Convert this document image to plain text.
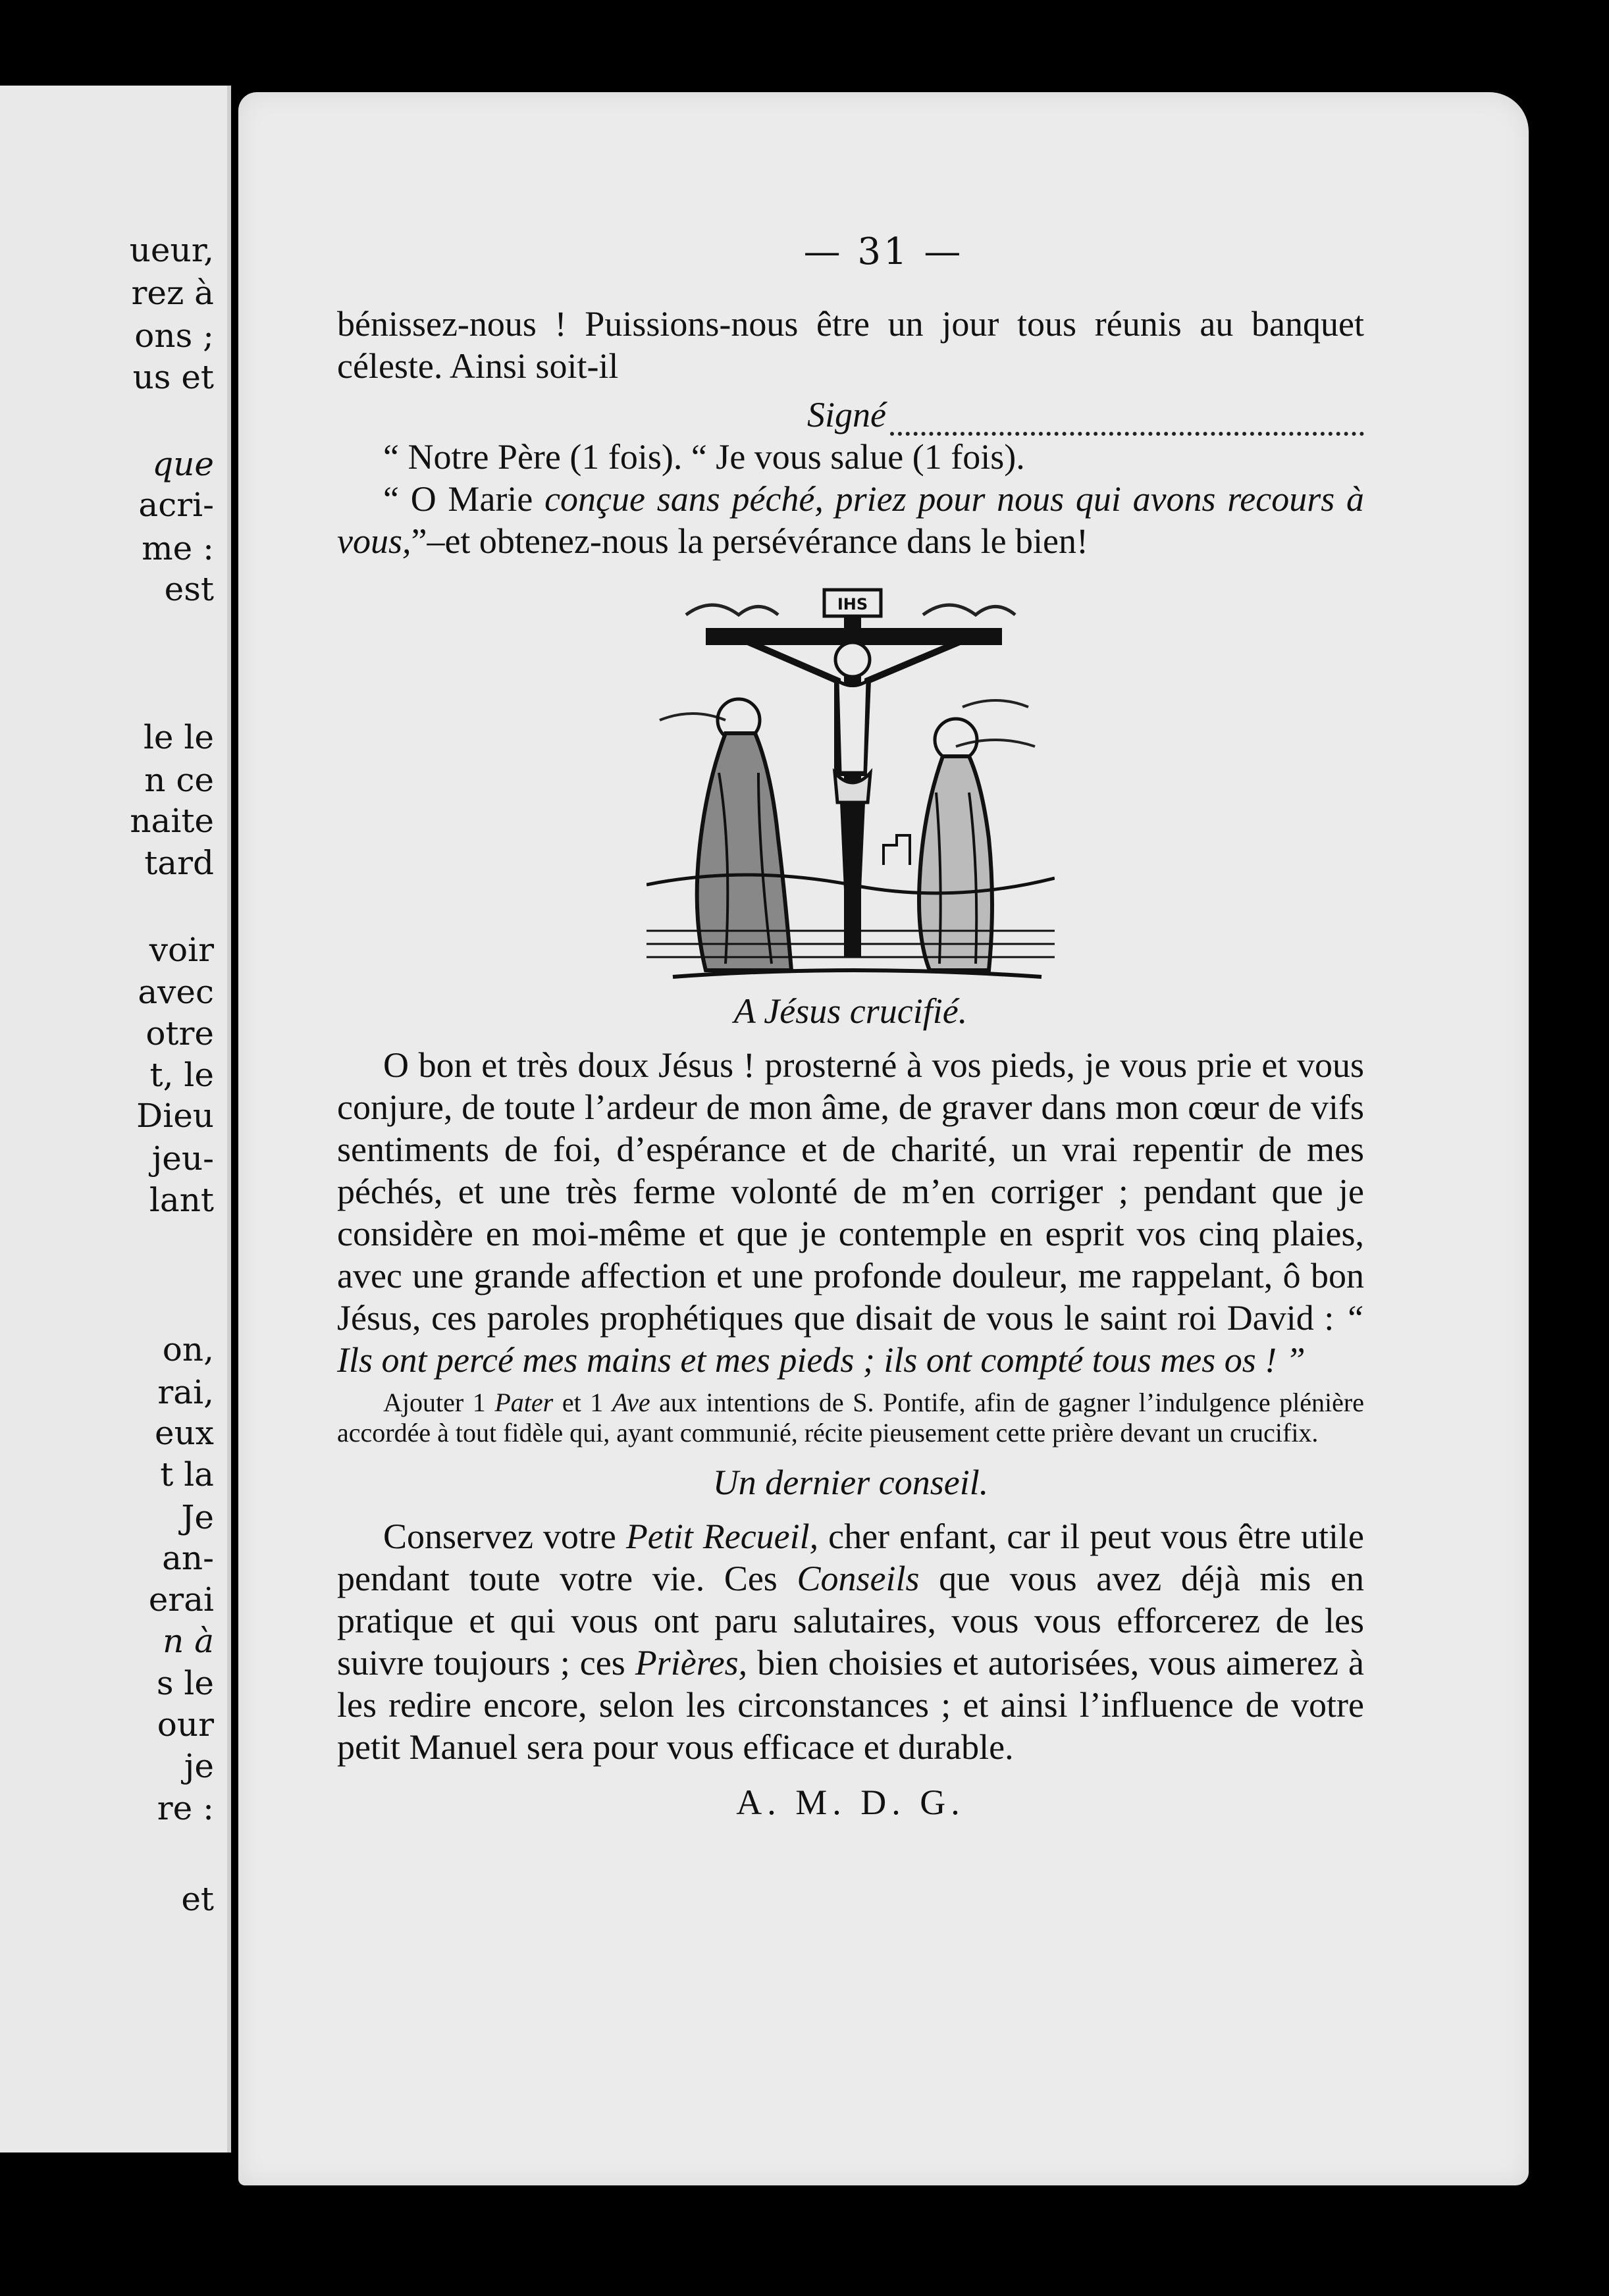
ueur,
rez à
ons ;
us et
que
acri-
me :
est
le le
n ce
naite
tard
voir
avec
otre
t, le
Dieu
jeu-
lant
on,
rai,
eux
t la
Je
an-
erai
n à
s le
our
je
re :
et
— 31 —

bénissez-nous ! Puissions-nous être un jour tous réunis au banquet céleste. Ainsi soit-il

Signé

“ Notre Père (1 fois). “ Je vous salue (1 fois).

“ O Marie conçue sans péché, priez pour nous qui avons recours à vous,”–et obtenez-nous la persévérance dans le bien!

IHS

A Jésus crucifié.

O bon et très doux Jésus ! prosterné à vos pieds, je vous prie et vous conjure, de toute l’ardeur de mon âme, de graver dans mon cœur de vifs sentiments de foi, d’espérance et de charité, un vrai repentir de mes péchés, et une très ferme volonté de m’en corriger ; pendant que je considère en moi-même et que je contemple en esprit vos cinq plaies, avec une grande affection et une profonde douleur, me rappelant, ô bon Jésus, ces paroles prophétiques que disait de vous le saint roi David : “ Ils ont percé mes mains et mes pieds ; ils ont compté tous mes os ! ”

Ajouter 1 Pater et 1 Ave aux intentions de S. Pontife, afin de gagner l’indulgence plénière accordée à tout fidèle qui, ayant communié, récite pieusement cette prière devant un crucifix.

Un dernier conseil.

Conservez votre Petit Recueil, cher enfant, car il peut vous être utile pendant toute votre vie. Ces Conseils que vous avez déjà mis en pratique et qui vous ont paru salutaires, vous vous efforcerez de les suivre toujours ; ces Prières, bien choisies et autorisées, vous aimerez à les redire encore, selon les circonstances ; et ainsi l’influence de votre petit Manuel sera pour vous efficace et durable.

A. M. D. G.
